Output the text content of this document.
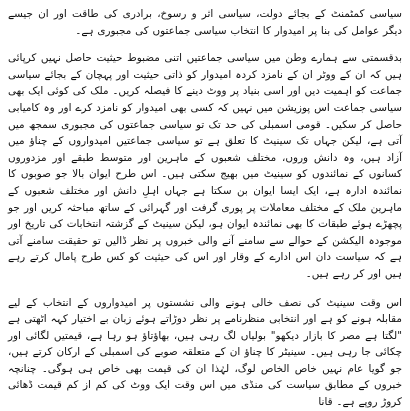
سیاسی کمٹمنٹ کے بجائے دولت، سیاسی اثر و رسوخ، برادری کی طاقت اور ان جیسے دیگر عوامل کی بنا پر امیدوار کا انتخاب سیاسی جماعتوں کی مجبوری ہے۔

بدقسمتی سے ہمارے وطن میں سیاسی جماعتیں اتنی مضبوط حیثیت حاصل نہیں کرپائی ہیں کہ ان کے ووٹر ان کے نامزد کردہ امیدوار کو ذاتی حیثیت اور پہچان کے بجائے سیاسی جماعت کو اہمیت دیں اور اسی بنیاد پر ووٹ دینے کا فیصلہ کریں۔ ملک کی کوئی ایک بھی سیاسی جماعت اس پوزیشن میں نہیں کہ کسی بھی امیدوار کو نامزد کرے اور وہ کامیابی حاصل کر سکیں۔ قومی اسمبلی کی حد تک تو سیاسی جماعتوں کی مجبوری سمجھ میں آتی ہے، لیکن جہاں تک سینیٹ کا تعلق ہے تو سیاسی جماعتیں امیدواروں کے چناؤ میں آزاد ہیں، وہ دانش وروں، مختلف شعبوں کے ماہرین اور متوسط طبقے اور مزدوروں کسانوں کے نمائندوں کو سینیٹ میں بھیج سکتی ہیں۔ اس طرح ایوان بالا جو صوبوں کا نمائندہ ادارہ ہے، ایک ایسا ایوان بن سکتا ہے جہاں اہلِ دانش اور مختلف شعبوں کے ماہرین ملک کے مختلف معاملات پر پوری گرفت اور گہرائی کے ساتھ مباحثہ کریں اور جو پچھڑے ہوئے طبقات کا بھی نمائندہ ایوان ہو، لیکن سینیٹ کے گزشتہ انتخابات کی تاریخ اور موجودہ الیکشن کے حوالے سے سامنے آنے والی خبروں پر نظر ڈالیں تو حقیقت سامنے آتی ہے کہ سیاست دان اس ادارے کے وقار اور اس کی حیثیت کو کس طرح پامال کرتے رہے ہیں اور کر رہے ہیں۔

اس وقت سینیٹ کی نصف خالی ہونے والی نشستوں پر امیدواروں کے انتخاب کے لیے مقابلہ ہونے کو ہے اور انتخابی منظرنامے پر نظر دوڑاتے ہوئے زبان بے اختیار کہہ اٹھتی ہے "لگتا ہے مصر کا بازار دیکھو" بولیاں لگ رہی ہیں، بھاؤتاؤ ہو رہا ہے، قیمتیں لگائی اور چکائی جا رہی ہیں۔ سینیٹر کا چناؤ ان کے متعلقہ صوبے کی اسمبلی کے ارکان کرتے ہیں، جو گویا عام نہیں خاص الخاص لوگ، لہٰذا ان کی قیمت بھی خاص ہی ہوگی۔ چنانچہ خبروں کے مطابق سیاست کی منڈی میں اس وقت ایک ووٹ کی کم از کم قیمت ڈھائی کروڑ روپے ہے۔ قانا
